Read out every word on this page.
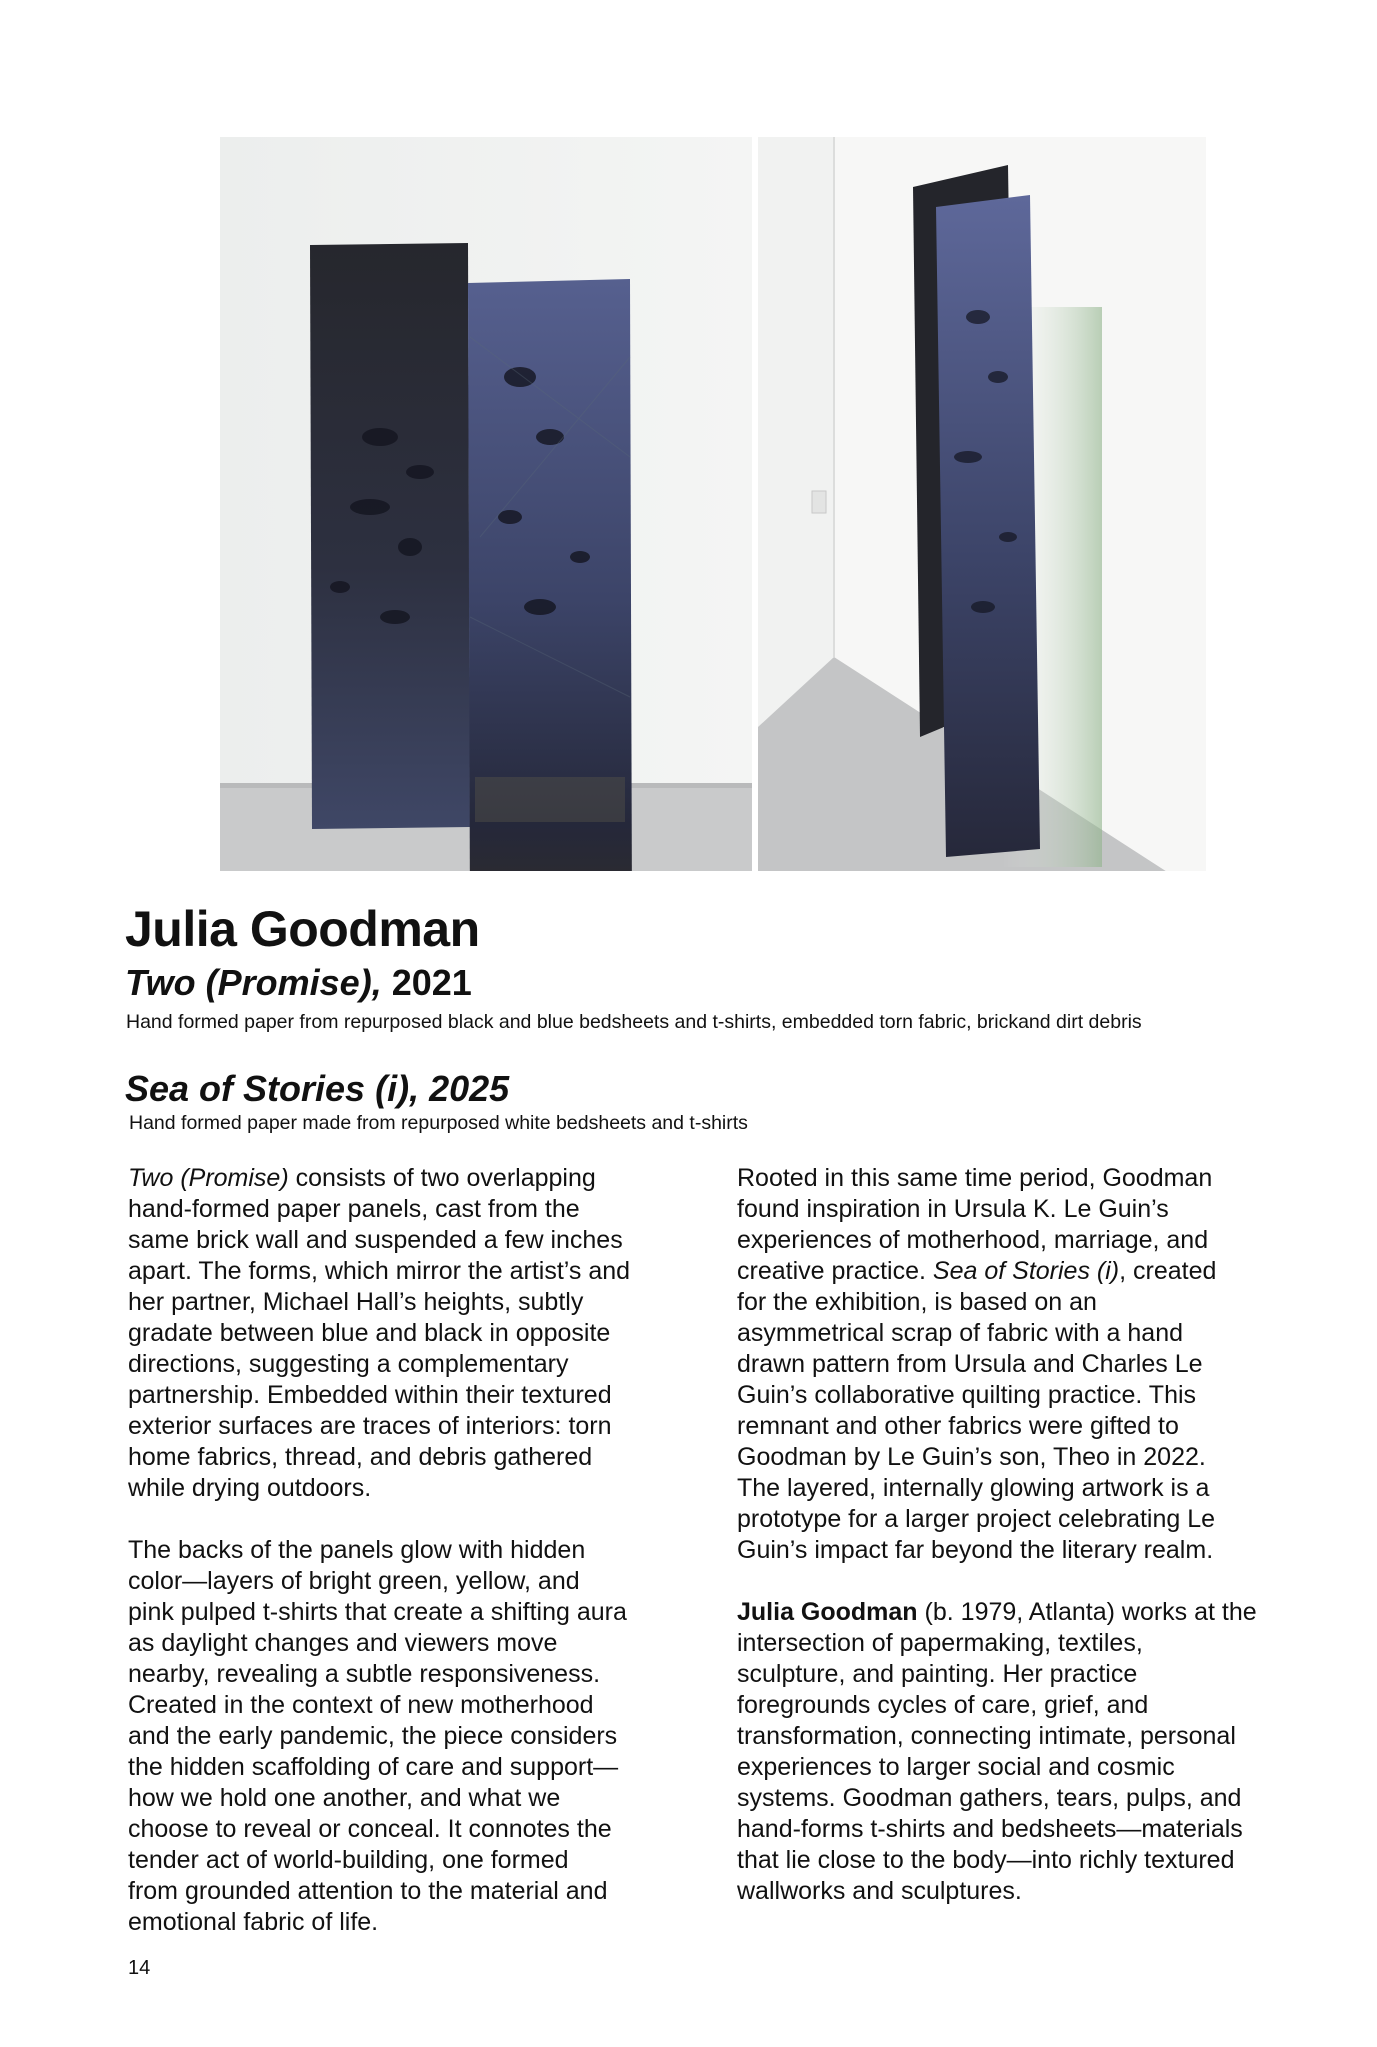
Julia Goodman
Two (Promise), 2021

Hand formed paper from repurposed black and blue bedsheets and t-shirts, embedded torn fabric, brickand dirt debris

Sea of Stories (i), 2025

Hand formed paper made from repurposed white bedsheets and t-shirts

Two (Promise) consists of two overlapping
hand-formed paper panels, cast from the
same brick wall and suspended a few inches
apart. The forms, which mirror the artist’s and
her partner, Michael Hall’s heights, subtly
gradate between blue and black in opposite
directions, suggesting a complementary
partnership. Embedded within their textured
exterior surfaces are traces of interiors: torn
home fabrics, thread, and debris gathered
while drying outdoors.

The backs of the panels glow with hidden
color—layers of bright green, yellow, and
pink pulped t-shirts that create a shifting aura
as daylight changes and viewers move
nearby, revealing a subtle responsiveness.
Created in the context of new motherhood
and the early pandemic, the piece considers
the hidden scaffolding of care and support—
how we hold one another, and what we
choose to reveal or conceal. It connotes the
tender act of world-building, one formed
from grounded attention to the material and
emotional fabric of life.

Rooted in this same time period, Goodman
found inspiration in Ursula K. Le Guin’s
experiences of motherhood, marriage, and
creative practice. Sea of Stories (i), created
for the exhibition, is based on an
asymmetrical scrap of fabric with a hand
drawn pattern from Ursula and Charles Le
Guin’s collaborative quilting practice. This
remnant and other fabrics were gifted to
Goodman by Le Guin’s son, Theo in 2022.
The layered, internally glowing artwork is a
prototype for a larger project celebrating Le
Guin’s impact far beyond the literary realm.

Julia Goodman (b. 1979, Atlanta) works at the
intersection of papermaking, textiles,
sculpture, and painting. Her practice
foregrounds cycles of care, grief, and
transformation, connecting intimate, personal
experiences to larger social and cosmic
systems. Goodman gathers, tears, pulps, and
hand-forms t-shirts and bedsheets—materials
that lie close to the body—into richly textured
wallworks and sculptures.

14
